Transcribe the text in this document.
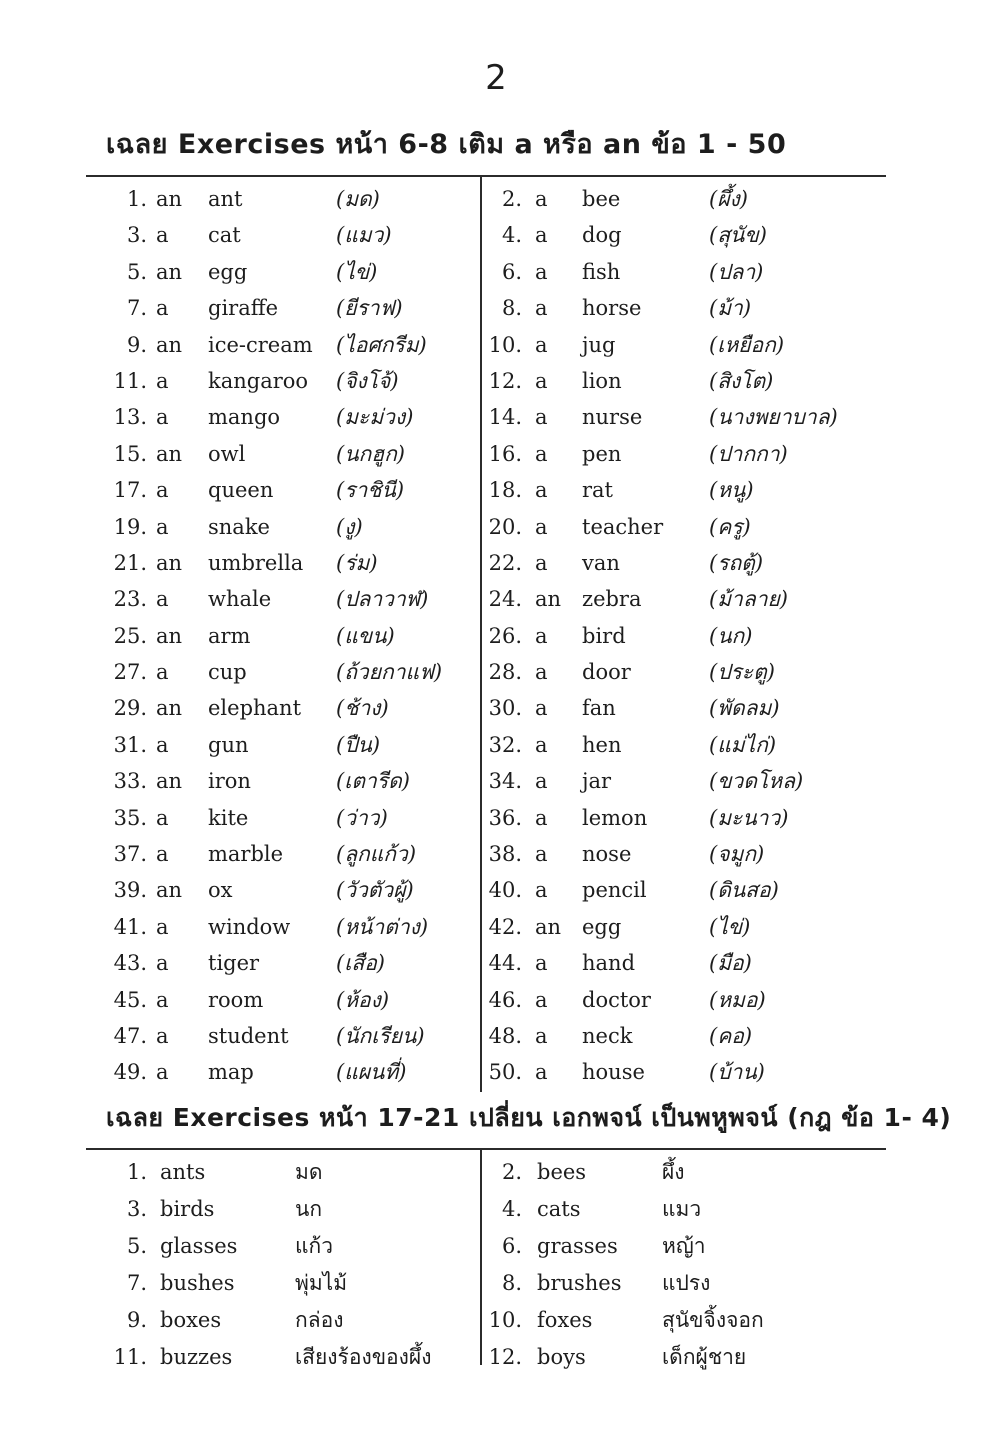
2
เฉลย Exercises หน้า 6-8 เติม a หรือ an ข้อ 1 - 50
1. an	ant	(มด)
3. a	cat	(แมว)
5. an	egg	(ไข่)
7. a	giraffe	(ยีราฟ)
9. an	ice-cream	(ไอศกรีม)
11. a	kangaroo	(จิงโจ้)
13. a	mango	(มะม่วง)
15. an	owl	(นกฮูก)
17. a	queen	(ราชินี)
19. a	snake	(งู)
21. an	umbrella	(ร่ม)
23. a	whale	(ปลาวาฬ)
25. an	arm	(แขน)
27. a	cup	(ถ้วยกาแฟ)
29. an	elephant	(ช้าง)
31. a	gun	(ปืน)
33. an	iron	(เตารีด)
35. a	kite	(ว่าว)
37. a	marble	(ลูกแก้ว)
39. an	ox	(วัวตัวผู้)
41. a	window	(หน้าต่าง)
43. a	tiger	(เสือ)
45. a	room	(ห้อง)
47. a	student	(นักเรียน)
49. a	map	(แผนที่)
2. a	bee	(ผึ้ง)
4. a	dog	(สุนัข)
6. a	fish	(ปลา)
8. a	horse	(ม้า)
10. a	jug	(เหยือก)
12. a	lion	(สิงโต)
14. a	nurse	(นางพยาบาล)
16. a	pen	(ปากกา)
18. a	rat	(หนู)
20. a	teacher	(ครู)
22. a	van	(รถตู้)
24. an zebra	(ม้าลาย)
26. a	bird	(นก)
28. a	door	(ประตู)
30. a	fan	(พัดลม)
32. a	hen	(แม่ไก่)
34. a	jar	(ขวดโหล)
36. a	lemon	(มะนาว)
38. a	nose	(จมูก)
40. a	pencil	(ดินสอ)
42. an egg	(ไข่)
44. a	hand	(มือ)
46. a	doctor	(หมอ)
48. a	neck	(คอ)
50. a	house	(บ้าน)
เฉลย Exercises หน้า 17-21 เปลี่ยน เอกพจน์ เป็นพหูพจน์ (กฎ ข้อ 1- 4)
1. ants	มด
3. birds	นก
5. glasses	แก้ว
7. bushes	พุ่มไม้
9. boxes	กล่อง
11. buzzes	เสียงร้องของผึ้ง
2. bees	ผึ้ง
4. cats	แมว
6. grasses	หญ้า
8. brushes	แปรง
10. foxes	สุนัขจิ้งจอก
12. boys	เด็กผู้ชาย
